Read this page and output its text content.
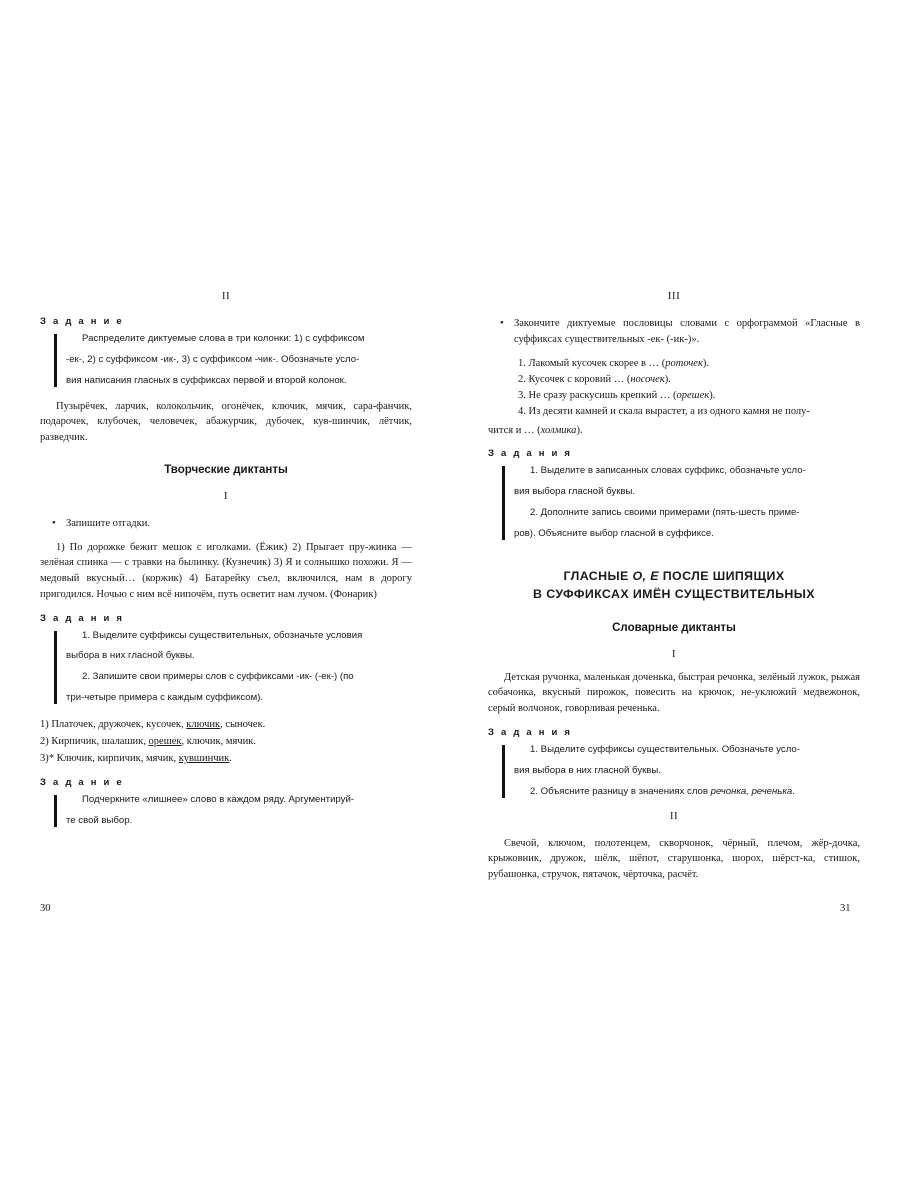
II
З а д а н и е

Распределите диктуемые слова в три колонки: 1) с суффиксом

-ек-, 2) с суффиксом -ик-, 3) с суффиксом -чик-. Обозначьте усло-

вия написания гласных в суффиксах первой и второй колонок.

Пузырёчек, ларчик, колокольчик, огонёчек, ключик, мячик, сара-фанчик, подарочек, клубочек, человечек, абажурчик, дубочек, кув-шинчик, лётчик, разведчик.
Творческие диктанты
I
• Запишите отгадки.
1) По дорожке бежит мешок с иголками. (Ёжик) 2) Прыгает пру-жинка — зелёная спинка — с травки на былинку. (Кузнечик) 3) Я и солнышко похожи. Я — медовый вкусный… (коржик) 4) Батарейку съел, включился, нам в дорогу пригодился. Ночью с ним всё нипочём, путь осветит нам лучом. (Фонарик)
З а д а н и я

1. Выделите суффиксы существительных, обозначьте условия

выбора в них гласной буквы.

2. Запишите свои примеры слов с суффиксами -ик- (-ек-) (по

три-четыре примера с каждым суффиксом).

1) Платочек, дружочек, кусочек, ключик, сыночек.
2) Кирпичик, шалашик, орешек, ключик, мячик.
3)* Ключик, кирпичик, мячик, кувшинчик.
З а д а н и е

Подчеркните «лишнее» слово в каждом ряду. Аргументируй-

те свой выбор.

III
• Закончите диктуемые пословицы словами с орфограммой «Гласные в суффиксах существительных -ек- (-ик-)».
1. Лакомый кусочек скорее в … (роточек).
2. Кусочек с коровий … (носочек).
3. Не сразу раскусишь крепкий … (орешек).
4. Из десяти камней и скала вырастет, а из одного камня не полу-
чится и … (холмика).
З а д а н и я

1. Выделите в записанных словах суффикс, обозначьте усло-

вия выбора гласной буквы.

2. Дополните запись своими примерами (пять-шесть приме-

ров). Объясните выбор гласной в суффиксе.

ГЛАСНЫЕ О, Е ПОСЛЕ ШИПЯЩИХ
В СУФФИКСАХ ИМЁН СУЩЕСТВИТЕЛЬНЫХ
Словарные диктанты
I
Детская ручонка, маленькая доченька, быстрая речонка, зелёный лужок, рыжая собачонка, вкусный пирожок, повесить на крючок, не-уклюжий медвежонок, серый волчонок, говорливая реченька.
З а д а н и я

1. Выделите суффиксы существительных. Обозначьте усло-

вия выбора в них гласной буквы.

2. Объясните разницу в значениях слов речонка, реченька.

II
Свечой, ключом, полотенцем, скворчонок, чёрный, плечом, жёр-дочка, крыжовник, дружок, шёлк, шёпот, старушонка, шорох, шёрст-ка, стишок, рубашонка, стручок, пятачок, чёрточка, расчёт.
30	31
